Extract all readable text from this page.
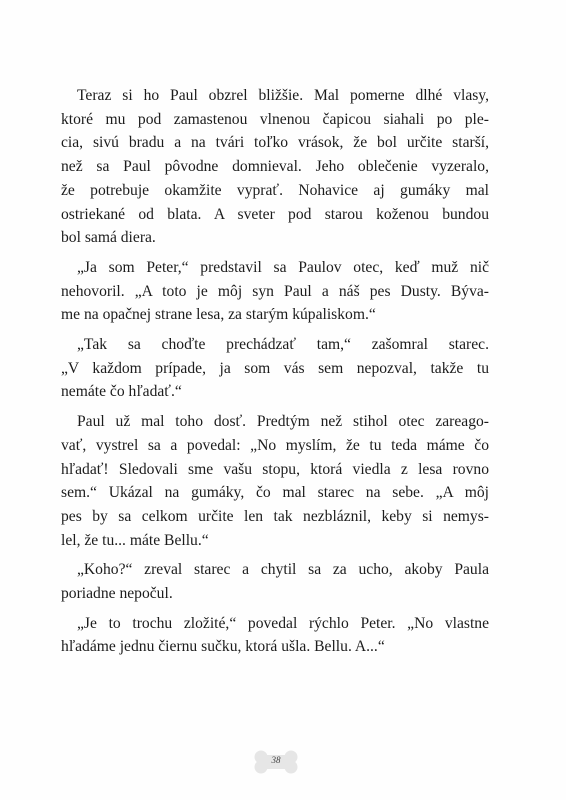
Teraz si ho Paul obzrel bližšie. Mal pomerne dlhé vlasy,
ktoré mu pod zamastenou vlnenou čapicou siahali po ple-
cia, sivú bradu a na tvári toľko vrások, že bol určite starší,
než sa Paul pôvodne domnieval. Jeho oblečenie vyzeralo,
že potrebuje okamžite vyprať. Nohavice aj gumáky mal
ostriekané od blata. A sveter pod starou koženou bundou
bol samá diera.

„Ja som Peter,“ predstavil sa Paulov otec, keď muž nič
nehovoril. „A toto je môj syn Paul a náš pes Dusty. Býva-
me na opačnej strane lesa, za starým kúpaliskom.“

„Tak sa choďte prechádzať tam,“ zašomral starec.
„V každom prípade, ja som vás sem nepozval, takže tu
nemáte čo hľadať.“

Paul už mal toho dosť. Predtým než stihol otec zareago-
vať, vystrel sa a povedal: „No myslím, že tu teda máme čo
hľadať! Sledovali sme vašu stopu, ktorá viedla z lesa rovno
sem.“ Ukázal na gumáky, čo mal starec na sebe. „A môj
pes by sa celkom určite len tak nezbláznil, keby si nemys-
lel, že tu... máte Bellu.“

„Koho?“ zreval starec a chytil sa za ucho, akoby Paula
poriadne nepočul.

„Je to trochu zložité,“ povedal rýchlo Peter. „No vlastne
hľadáme jednu čiernu sučku, ktorá ušla. Bellu. A...“

38
